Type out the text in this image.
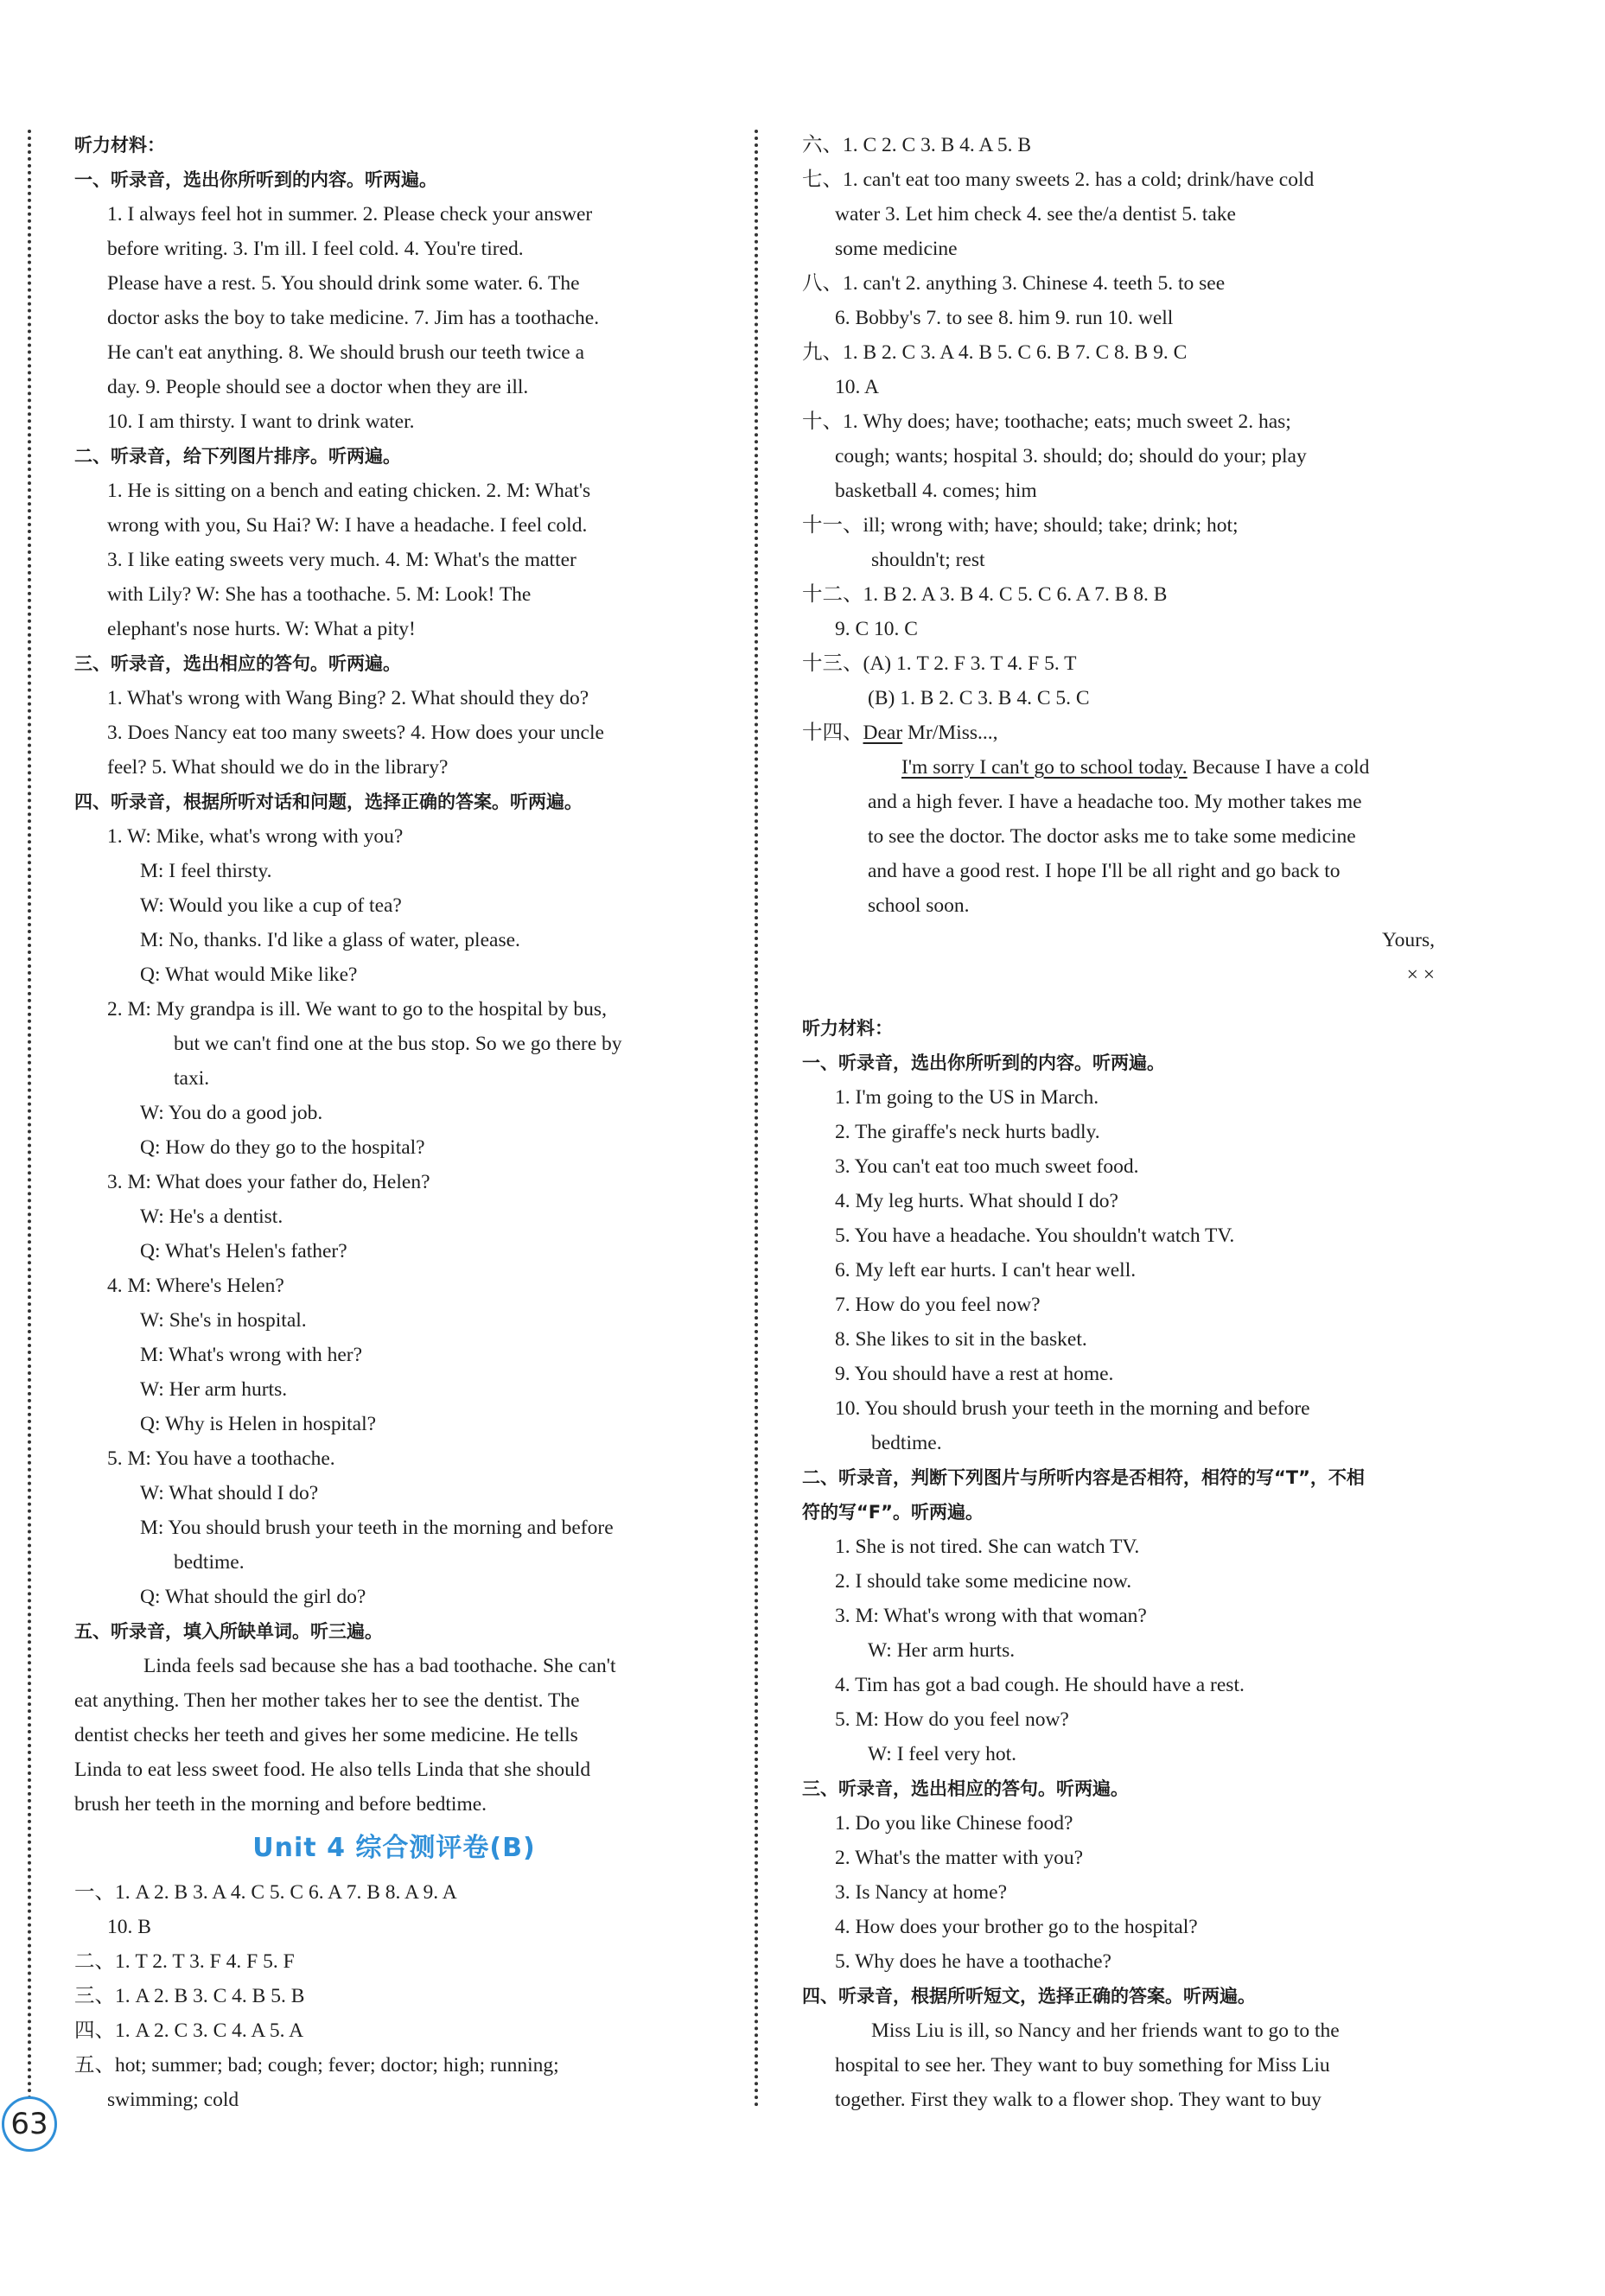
听力材料：
一、听录音，选出你所听到的内容。听两遍。
1. I always feel hot in summer. 2. Please check your answer
before writing. 3. I'm ill. I feel cold. 4. You're tired.
Please have a rest. 5. You should drink some water. 6. The
doctor asks the boy to take medicine. 7. Jim has a toothache.
He can't eat anything. 8. We should brush our teeth twice a
day. 9. People should see a doctor when they are ill.
10. I am thirsty. I want to drink water.
二、听录音，给下列图片排序。听两遍。
1. He is sitting on a bench and eating chicken. 2. M: What's
wrong with you, Su Hai? W: I have a headache. I feel cold.
3. I like eating sweets very much. 4. M: What's the matter
with Lily? W: She has a toothache. 5. M: Look! The
elephant's nose hurts. W: What a pity!
三、听录音，选出相应的答句。听两遍。
1. What's wrong with Wang Bing? 2. What should they do?
3. Does Nancy eat too many sweets? 4. How does your uncle
feel? 5. What should we do in the library?
四、听录音，根据所听对话和问题，选择正确的答案。听两遍。
1. W: Mike, what's wrong with you?
M: I feel thirsty.
W: Would you like a cup of tea?
M: No, thanks. I'd like a glass of water, please.
Q: What would Mike like?
2. M: My grandpa is ill. We want to go to the hospital by bus,
but we can't find one at the bus stop. So we go there by
taxi.
W: You do a good job.
Q: How do they go to the hospital?
3. M: What does your father do, Helen?
W: He's a dentist.
Q: What's Helen's father?
4. M: Where's Helen?
W: She's in hospital.
M: What's wrong with her?
W: Her arm hurts.
Q: Why is Helen in hospital?
5. M: You have a toothache.
W: What should I do?
M: You should brush your teeth in the morning and before
bedtime.
Q: What should the girl do?
五、听录音，填入所缺单词。听三遍。
Linda feels sad because she has a bad toothache. She can't
eat anything. Then her mother takes her to see the dentist. The
dentist checks her teeth and gives her some medicine. He tells
Linda to eat less sweet food. He also tells Linda that she should
brush her teeth in the morning and before bedtime.
Unit 4 综合测评卷(B)
一、1. A 2. B 3. A 4. C 5. C 6. A 7. B 8. A 9. A
10. B
二、1. T 2. T 3. F 4. F 5. F
三、1. A 2. B 3. C 4. B 5. B
四、1. A 2. C 3. C 4. A 5. A
五、hot; summer; bad; cough; fever; doctor; high; running;
swimming; cold
六、1. C 2. C 3. B 4. A 5. B
七、1. can't eat too many sweets 2. has a cold; drink/have cold
water 3. Let him check 4. see the/a dentist 5. take
some medicine
八、1. can't 2. anything 3. Chinese 4. teeth 5. to see
6. Bobby's 7. to see 8. him 9. run 10. well
九、1. B 2. C 3. A 4. B 5. C 6. B 7. C 8. B 9. C
10. A
十、1. Why does; have; toothache; eats; much sweet 2. has;
cough; wants; hospital 3. should; do; should do your; play
basketball 4. comes; him
十一、ill; wrong with; have; should; take; drink; hot;
shouldn't; rest
十二、1. B 2. A 3. B 4. C 5. C 6. A 7. B 8. B
9. C 10. C
十三、(A) 1. T 2. F 3. T 4. F 5. T
(B) 1. B 2. C 3. B 4. C 5. C
十四、Dear Mr/Miss...,
I'm sorry I can't go to school today. Because I have a cold
and a high fever. I have a headache too. My mother takes me
to see the doctor. The doctor asks me to take some medicine
and have a good rest. I hope I'll be all right and go back to
school soon.
Yours,
× ×
听力材料：
一、听录音，选出你所听到的内容。听两遍。
1. I'm going to the US in March.
2. The giraffe's neck hurts badly.
3. You can't eat too much sweet food.
4. My leg hurts. What should I do?
5. You have a headache. You shouldn't watch TV.
6. My left ear hurts. I can't hear well.
7. How do you feel now?
8. She likes to sit in the basket.
9. You should have a rest at home.
10. You should brush your teeth in the morning and before
bedtime.
二、听录音，判断下列图片与所听内容是否相符，相符的写“T”，不相
符的写“F”。听两遍。
1. She is not tired. She can watch TV.
2. I should take some medicine now.
3. M: What's wrong with that woman?
W: Her arm hurts.
4. Tim has got a bad cough. He should have a rest.
5. M: How do you feel now?
W: I feel very hot.
三、听录音，选出相应的答句。听两遍。
1. Do you like Chinese food?
2. What's the matter with you?
3. Is Nancy at home?
4. How does your brother go to the hospital?
5. Why does he have a toothache?
四、听录音，根据所听短文，选择正确的答案。听两遍。
Miss Liu is ill, so Nancy and her friends want to go to the
hospital to see her. They want to buy something for Miss Liu
together. First they walk to a flower shop. They want to buy
63
